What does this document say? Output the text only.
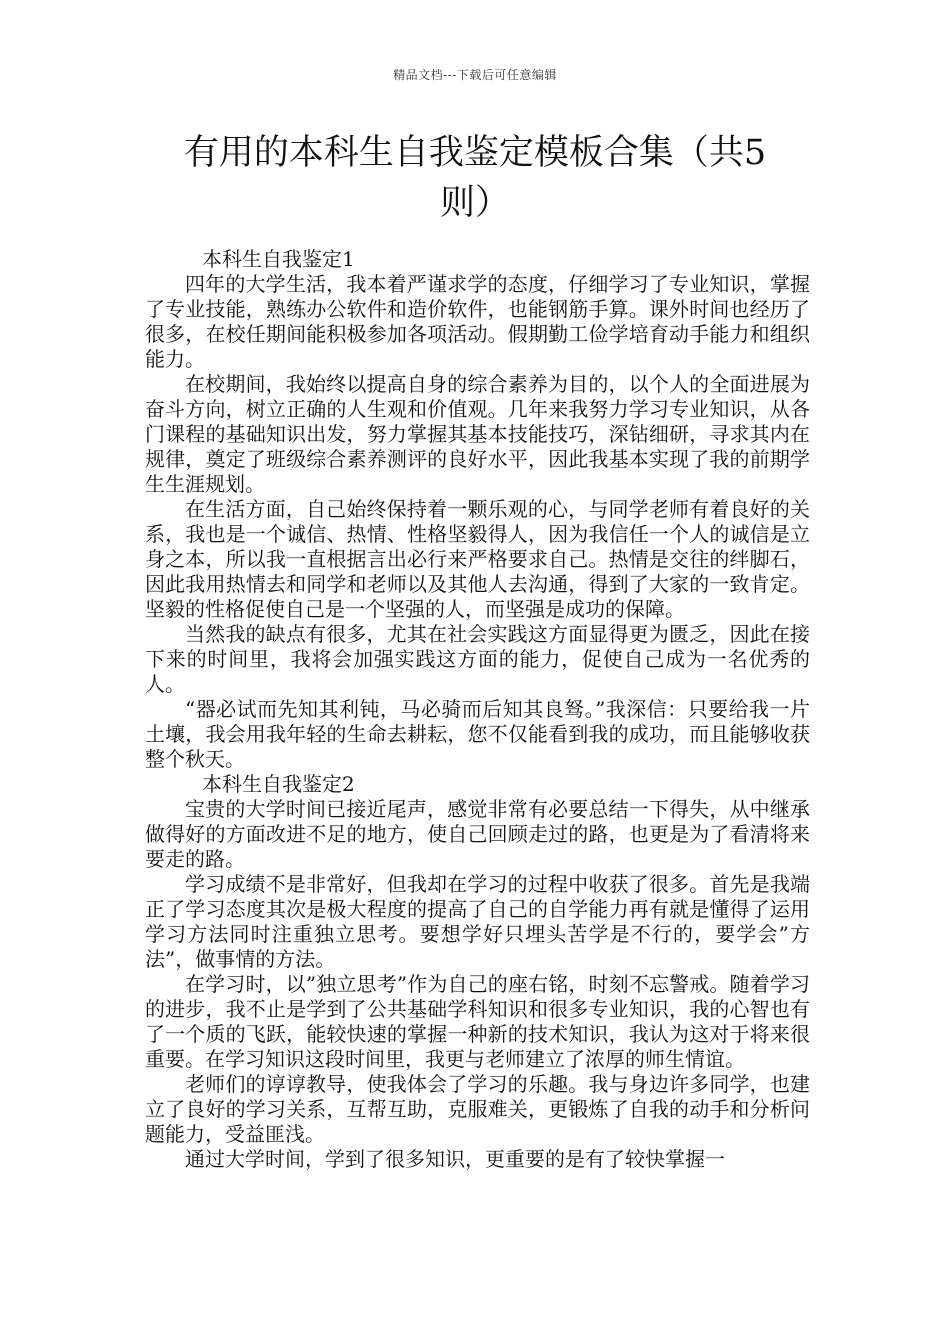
精品文档---下载后可任意编辑
有用的本科生自我鉴定模板合集（共5则）

本科生自我鉴定1

四年的大学生活，我本着严谨求学的态度，仔细学习了专业知识，掌握了专业技能，熟练办公软件和造价软件，也能钢筋手算。课外时间也经历了很多，在校任期间能积极参加各项活动。假期勤工俭学培育动手能力和组织能力。

在校期间，我始终以提高自身的综合素养为目的，以个人的全面进展为奋斗方向，树立正确的人生观和价值观。几年来我努力学习专业知识，从各门课程的基础知识出发，努力掌握其基本技能技巧，深钻细研，寻求其内在规律，奠定了班级综合素养测评的良好水平，因此我基本实现了我的前期学生生涯规划。

在生活方面，自己始终保持着一颗乐观的心，与同学老师有着良好的关系，我也是一个诚信、热情、性格坚毅得人，因为我信任一个人的诚信是立身之本，所以我一直根据言出必行来严格要求自己。热情是交往的绊脚石，因此我用热情去和同学和老师以及其他人去沟通，得到了大家的一致肯定。坚毅的性格促使自己是一个坚强的人，而坚强是成功的保障。

当然我的缺点有很多，尤其在社会实践这方面显得更为匮乏，因此在接下来的时间里，我将会加强实践这方面的能力，促使自己成为一名优秀的人。

“器必试而先知其利钝，马必骑而后知其良驽。”我深信：只要给我一片土壤，我会用我年轻的生命去耕耘，您不仅能看到我的成功，而且能够收获整个秋天。

本科生自我鉴定2

宝贵的大学时间已接近尾声，感觉非常有必要总结一下得失，从中继承做得好的方面改进不足的地方，使自己回顾走过的路，也更是为了看清将来要走的路。

学习成绩不是非常好，但我却在学习的过程中收获了很多。首先是我端正了学习态度其次是极大程度的提高了自己的自学能力再有就是懂得了运用学习方法同时注重独立思考。要想学好只埋头苦学是不行的，要学会”方法”，做事情的方法。

在学习时，以”独立思考”作为自己的座右铭，时刻不忘警戒。随着学习的进步，我不止是学到了公共基础学科知识和很多专业知识，我的心智也有了一个质的飞跃，能较快速的掌握一种新的技术知识，我认为这对于将来很重要。在学习知识这段时间里，我更与老师建立了浓厚的师生情谊。

老师们的谆谆教导，使我体会了学习的乐趣。我与身边许多同学，也建立了良好的学习关系，互帮互助，克服难关，更锻炼了自我的动手和分析问题能力，受益匪浅。

通过大学时间，学到了很多知识，更重要的是有了较快掌握一
